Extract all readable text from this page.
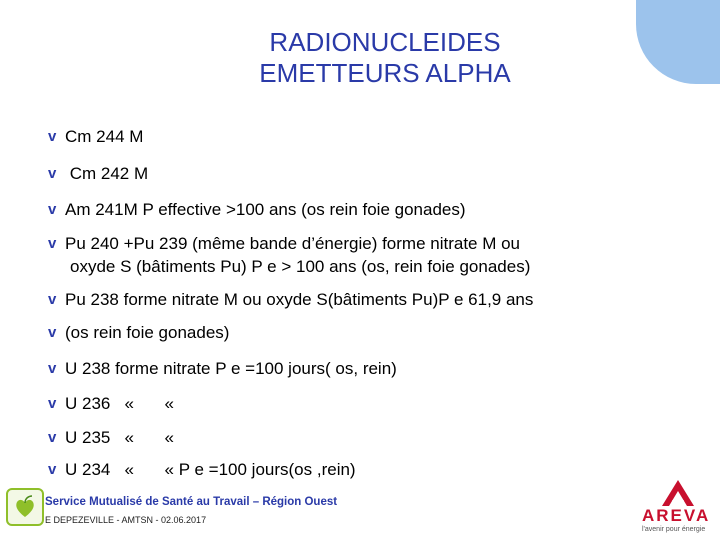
RADIONUCLEIDES
EMETTEURS ALPHA
v Cm 244 M
v Cm 242 M
v Am 241M P effective >100 ans (os rein foie gonades)
v Pu 240 +Pu 239 (même bande d’énergie) forme nitrate M ou
oxyde S (bâtiments Pu) P e > 100 ans (os, rein foie gonades)
v Pu 238 forme nitrate M ou oxyde S(bâtiments Pu)P e 61,9 ans
v (os rein foie gonades)
v U 238 forme nitrate P e =100 jours( os, rein)
v U 236 « «
v U 235 « «
v U 234 « « P e =100 jours(os ,rein)
Service Mutualisé de Santé au Travail – Région Ouest
E DEPEZEVILLE - AMTSN - 02.06.2017	AREVA
l'avenir pour énergie
